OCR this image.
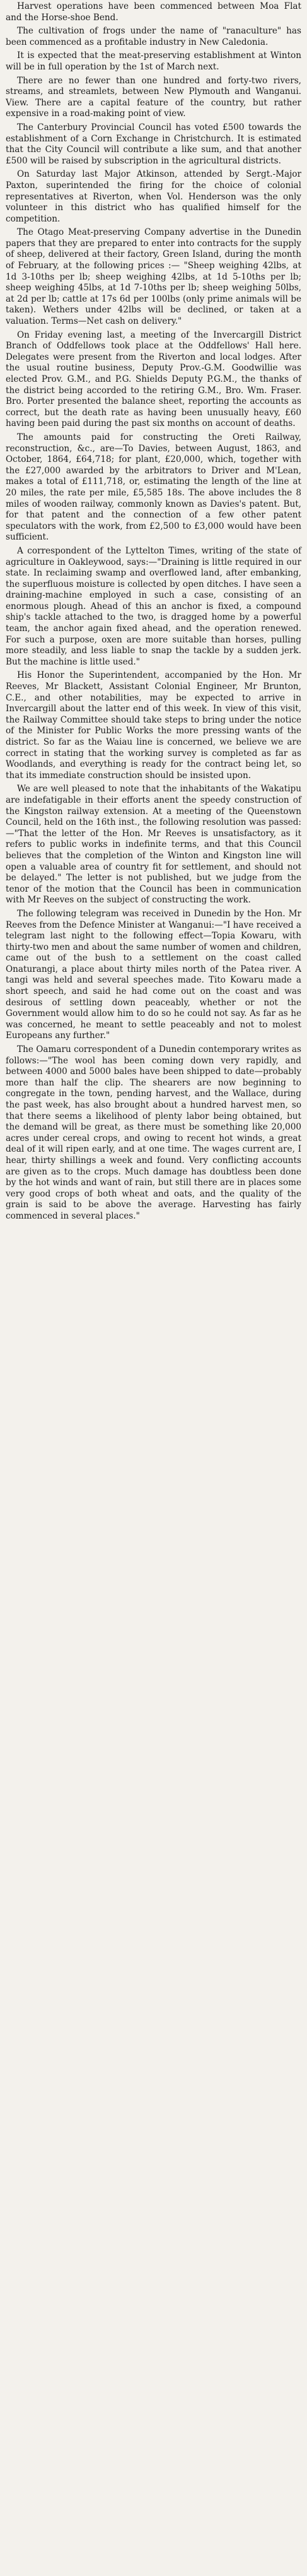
Harvest operations have been commenced between Moa Flat and the Horse-shoe Bend.

The cultivation of frogs under the name of "ranaculture" has been commenced as a profitable industry in New Caledonia.

It is expected that the meat-preserving establishment at Winton will be in full operation by the 1st of March next.

There are no fewer than one hundred and forty-two rivers, streams, and streamlets, between New Plymouth and Wanganui. View. There are a capital feature of the country, but rather expensive in a road-making point of view.

The Canterbury Provincial Council has voted £500 towards the establishment of a Corn Exchange in Christchurch. It is estimated that the City Council will contribute a like sum, and that another £500 will be raised by subscription in the agricultural districts.

On Saturday last Major Atkinson, attended by Sergt.-Major Paxton, superintended the firing for the choice of colonial representatives at Riverton, when Vol. Henderson was the only volunteer in this district who has qualified himself for the competition.

The Otago Meat-preserving Company advertise in the Dunedin papers that they are prepared to enter into contracts for the supply of sheep, delivered at their factory, Green Island, during the month of February, at the following prices :— "Sheep weighing 42lbs, at 1d 3-10ths per lb; sheep weighing 42lbs, at 1d 5-10ths per lb; sheep weighing 45lbs, at 1d 7-10ths per lb; sheep weighing 50lbs, at 2d per lb; cattle at 17s 6d per 100lbs (only prime animals will be taken). Wethers under 42lbs will be declined, or taken at a valuation. Terms—Net cash on delivery."

On Friday evening last, a meeting of the Invercargill District Branch of Oddfellows took place at the Oddfellows' Hall here. Delegates were present from the Riverton and local lodges. After the usual routine business, Deputy Prov.-G.M. Goodwillie was elected Prov. G.M., and P.G. Shields Deputy P.G.M., the thanks of the district being accorded to the retiring G.M., Bro. Wm. Fraser. Bro. Porter presented the balance sheet, reporting the accounts as correct, but the death rate as having been unusually heavy, £60 having been paid during the past six months on account of deaths.

The amounts paid for constructing the Oreti Railway, reconstruction, &c., are—To Davies, between August, 1863, and October, 1864, £64,718; for plant, £20,000, which, together with the £27,000 awarded by the arbitrators to Driver and M'Lean, makes a total of £111,718, or, estimating the length of the line at 20 miles, the rate per mile, £5,585 18s. The above includes the 8 miles of wooden railway, commonly known as Davies's patent. But, for that patent and the connection of a few other patent speculators with the work, from £2,500 to £3,000 would have been sufficient.

A correspondent of the Lyttelton Times, writing of the state of agriculture in Oakleywood, says:—"Draining is little required in our state. In reclaiming swamp and overflowed land, after embanking, the superfluous moisture is collected by open ditches. I have seen a draining-machine employed in such a case, consisting of an enormous plough. Ahead of this an anchor is fixed, a compound ship's tackle attached to the two, is dragged home by a powerful team, the anchor again fixed ahead, and the operation renewed. For such a purpose, oxen are more suitable than horses, pulling more steadily, and less liable to snap the tackle by a sudden jerk. But the machine is little used."

His Honor the Superintendent, accompanied by the Hon. Mr Reeves, Mr Blackett, Assistant Colonial Engineer, Mr Brunton, C.E., and other notabilities, may be expected to arrive in Invercargill about the latter end of this week. In view of this visit, the Railway Committee should take steps to bring under the notice of the Minister for Public Works the more pressing wants of the district. So far as the Waiau line is concerned, we believe we are correct in stating that the working survey is completed as far as Woodlands, and everything is ready for the contract being let, so that its immediate construction should be insisted upon.

We are well pleased to note that the inhabitants of the Wakatipu are indefatigable in their efforts anent the speedy construction of the Kingston railway extension. At a meeting of the Queenstown Council, held on the 16th inst., the following resolution was passed:—"That the letter of the Hon. Mr Reeves is unsatisfactory, as it refers to public works in indefinite terms, and that this Council believes that the completion of the Winton and Kingston line will open a valuable area of country fit for settlement, and should not be delayed." The letter is not published, but we judge from the tenor of the motion that the Council has been in communication with Mr Reeves on the subject of constructing the work.

The following telegram was received in Dunedin by the Hon. Mr Reeves from the Defence Minister at Wanganui:—"I have received a telegram last night to the following effect—Topia Kowaru, with thirty-two men and about the same number of women and children, came out of the bush to a settlement on the coast called Onaturangi, a place about thirty miles north of the Patea river. A tangi was held and several speeches made. Tito Kowaru made a short speech, and said he had come out on the coast and was desirous of settling down peaceably, whether or not the Government would allow him to do so he could not say. As far as he was concerned, he meant to settle peaceably and not to molest Europeans any further."

The Oamaru correspondent of a Dunedin contemporary writes as follows:—"The wool has been coming down very rapidly, and between 4000 and 5000 bales have been shipped to date—probably more than half the clip. The shearers are now beginning to congregate in the town, pending harvest, and the Wallace, during the past week, has also brought about a hundred harvest men, so that there seems a likelihood of plenty labor being obtained, but the demand will be great, as there must be something like 20,000 acres under cereal crops, and owing to recent hot winds, a great deal of it will ripen early, and at one time. The wages current are, I hear, thirty shillings a week and found. Very conflicting accounts are given as to the crops. Much damage has doubtless been done by the hot winds and want of rain, but still there are in places some very good crops of both wheat and oats, and the quality of the grain is said to be above the average. Harvesting has fairly commenced in several places."
